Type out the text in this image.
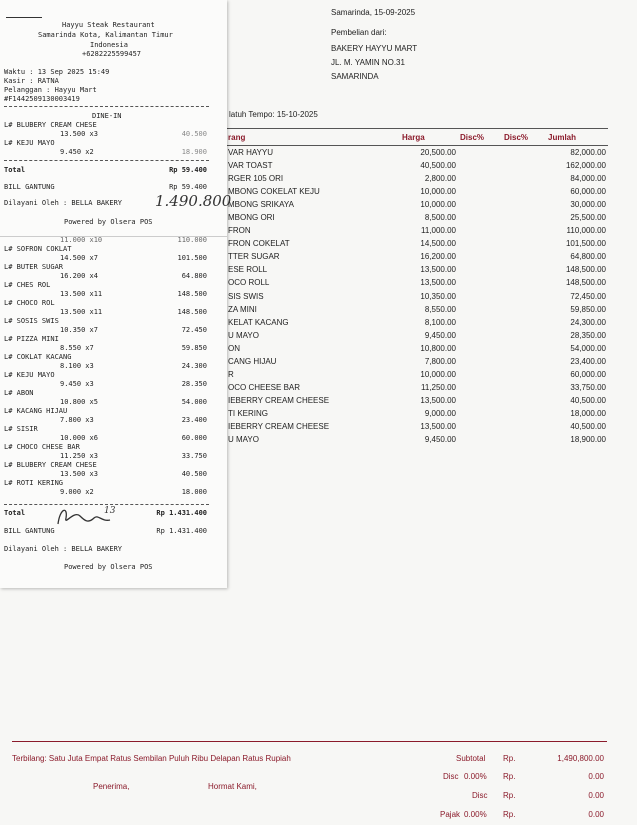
Samarinda, 15-09-2025
Pembelian dari:
BAKERY HAYYU MART
JL. M. YAMIN NO.31
SAMARINDA
latuh Tempo: 15-10-2025
rang	Harga	Disc%	Disc%	Jumlah
VAR HAYYU	20,500.00			82,000.00
VAR TOAST	40,500.00			162,000.00
RGER 105 ORI	2,800.00			84,000.00
MBONG COKELAT KEJU	10,000.00			60,000.00
MBONG SRIKAYA	10,000.00			30,000.00
MBONG ORI	8,500.00			25,500.00
FRON	11,000.00			110,000.00
FRON COKELAT	14,500.00			101,500.00
TTER SUGAR	16,200.00			64,800.00
ESE ROLL	13,500.00			148,500.00
OCO ROLL	13,500.00			148,500.00
SIS SWIS	10,350.00			72,450.00
ZA MINI	8,550.00			59,850.00
KELAT KACANG	8,100.00			24,300.00
U MAYO	9,450.00			28,350.00
ON	10,800.00			54,000.00
CANG HIJAU	7,800.00			23,400.00
R	10,000.00			60,000.00
OCO CHEESE BAR	11,250.00			33,750.00
IEBERRY CREAM CHEESE	13,500.00			40,500.00
TI KERING	9,000.00			18,000.00
IEBERRY CREAM CHEESE	13,500.00			40,500.00
U MAYO	9,450.00			18,900.00
Terbilang: Satu Juta Empat Ratus Sembilan Puluh Ribu Delapan Ratus Rupiah
Penerima,	Hormat Kami,
Subtotal Rp.	1,490,800.00
Disc 0.00% Rp.	0.00
Disc Rp.	0.00
Pajak 0.00% Rp.	0.00
Hayyu Steak Restaurant
Samarinda Kota, Kalimantan Timur
Indonesia
+6282225599457
Waktu : 13 Sep 2025 15:49
Kasir : RATNA
Pelanggan : Hayyu Mart
#F1442509130003419
DINE-IN
L# BLUBERY CREAM CHESE
13.500 x3	40.500
L# KEJU MAYO
9.450 x2	18.900
Total	Rp 59.400
BILL GANTUNG	Rp 59.400
Dilayani Oleh : BELLA BAKERY 1.490.800
Powered by Olsera POS
11.000 x10	110.000
L# SOFRON COKLAT
14.500 x7	101.500
L# BUTER SUGAR
16.200 x4	64.800
L# CHES ROL
13.500 x11	148.500
L# CHOCO ROL
13.500 x11	148.500
L# SOSIS SWIS
10.350 x7	72.450
L# PIZZA MINI
8.550 x7	59.850
L# COKLAT KACANG
8.100 x3	24.300
L# KEJU MAYO
9.450 x3	28.350
L# ABON
10.800 x5	54.000
L# KACANG HIJAU
7.800 x3	23.400
L# SISIR
10.000 x6	60.000
L# CHOCO CHESE BAR
11.250 x3	33.750
L# BLUBERY CREAM CHESE
13.500 x3	40.500
L# ROTI KERING
9.000 x2	18.000
Total	Rp 1.431.400
BILL GANTUNG	Rp 1.431.400
Dilayani Oleh : BELLA BAKERY
Powered by Olsera POS
13
